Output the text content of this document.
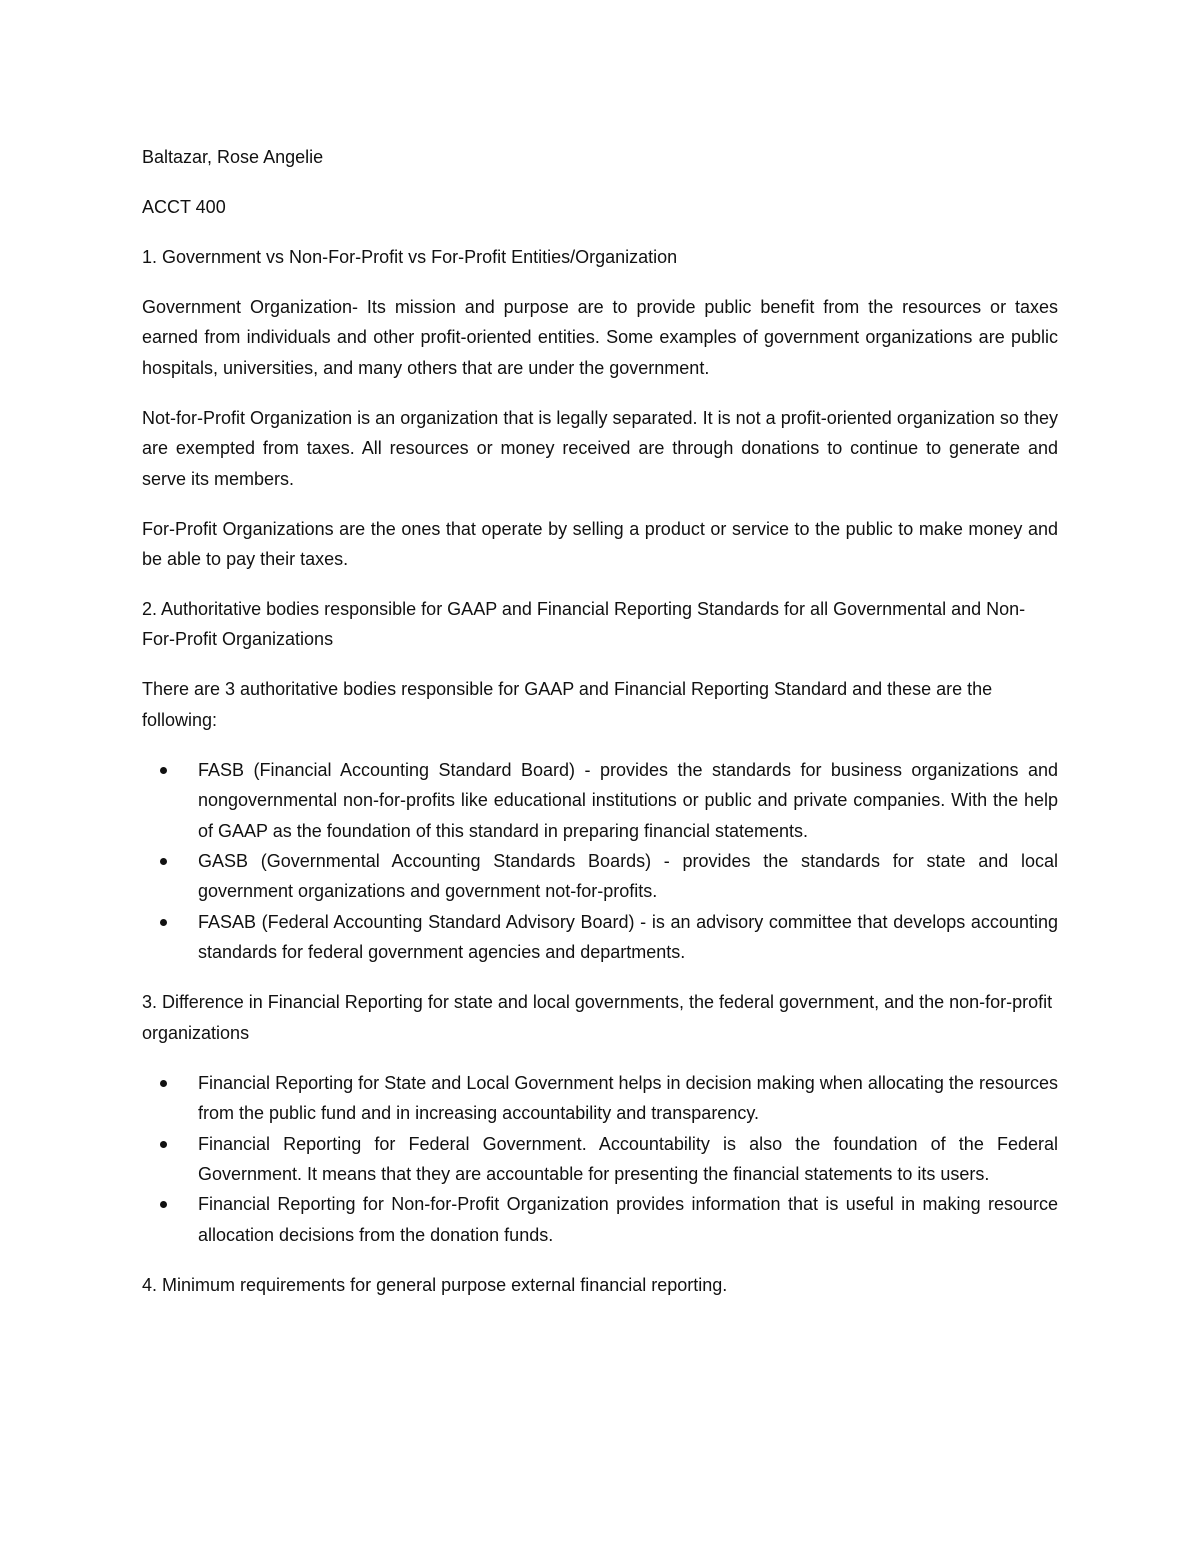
Baltazar, Rose Angelie

ACCT 400

1. Government vs Non-For-Profit vs For-Profit Entities/Organization

Government Organization- Its mission and purpose are to provide public benefit from the resources or taxes earned from individuals and other profit-oriented entities. Some examples of government organizations are public hospitals, universities, and many others that are under the government.

Not-for-Profit Organization is an organization that is legally separated. It is not a profit-oriented organization so they are exempted from taxes. All resources or money received are through donations to continue to generate and serve its members.

For-Profit Organizations are the ones that operate by selling a product or service to the public to make money and be able to pay their taxes.

2. Authoritative bodies responsible for GAAP and Financial Reporting Standards for all Governmental and Non-For-Profit Organizations

There are 3 authoritative bodies responsible for GAAP and Financial Reporting Standard and these are the following:

FASB (Financial Accounting Standard Board) - provides the standards for business organizations and nongovernmental non-for-profits like educational institutions or public and private companies. With the help of GAAP as the foundation of this standard in preparing financial statements.
GASB (Governmental Accounting Standards Boards) - provides the standards for state and local government organizations and government not-for-profits.
FASAB (Federal Accounting Standard Advisory Board) - is an advisory committee that develops accounting standards for federal government agencies and departments.

3. Difference in Financial Reporting for state and local governments, the federal government, and the non-for-profit organizations

Financial Reporting for State and Local Government helps in decision making when allocating the resources from the public fund and in increasing accountability and transparency.
Financial Reporting for Federal Government. Accountability is also the foundation of the Federal Government. It means that they are accountable for presenting the financial statements to its users.
Financial Reporting for Non-for-Profit Organization provides information that is useful in making resource allocation decisions from the donation funds.

4. Minimum requirements for general purpose external financial reporting.
